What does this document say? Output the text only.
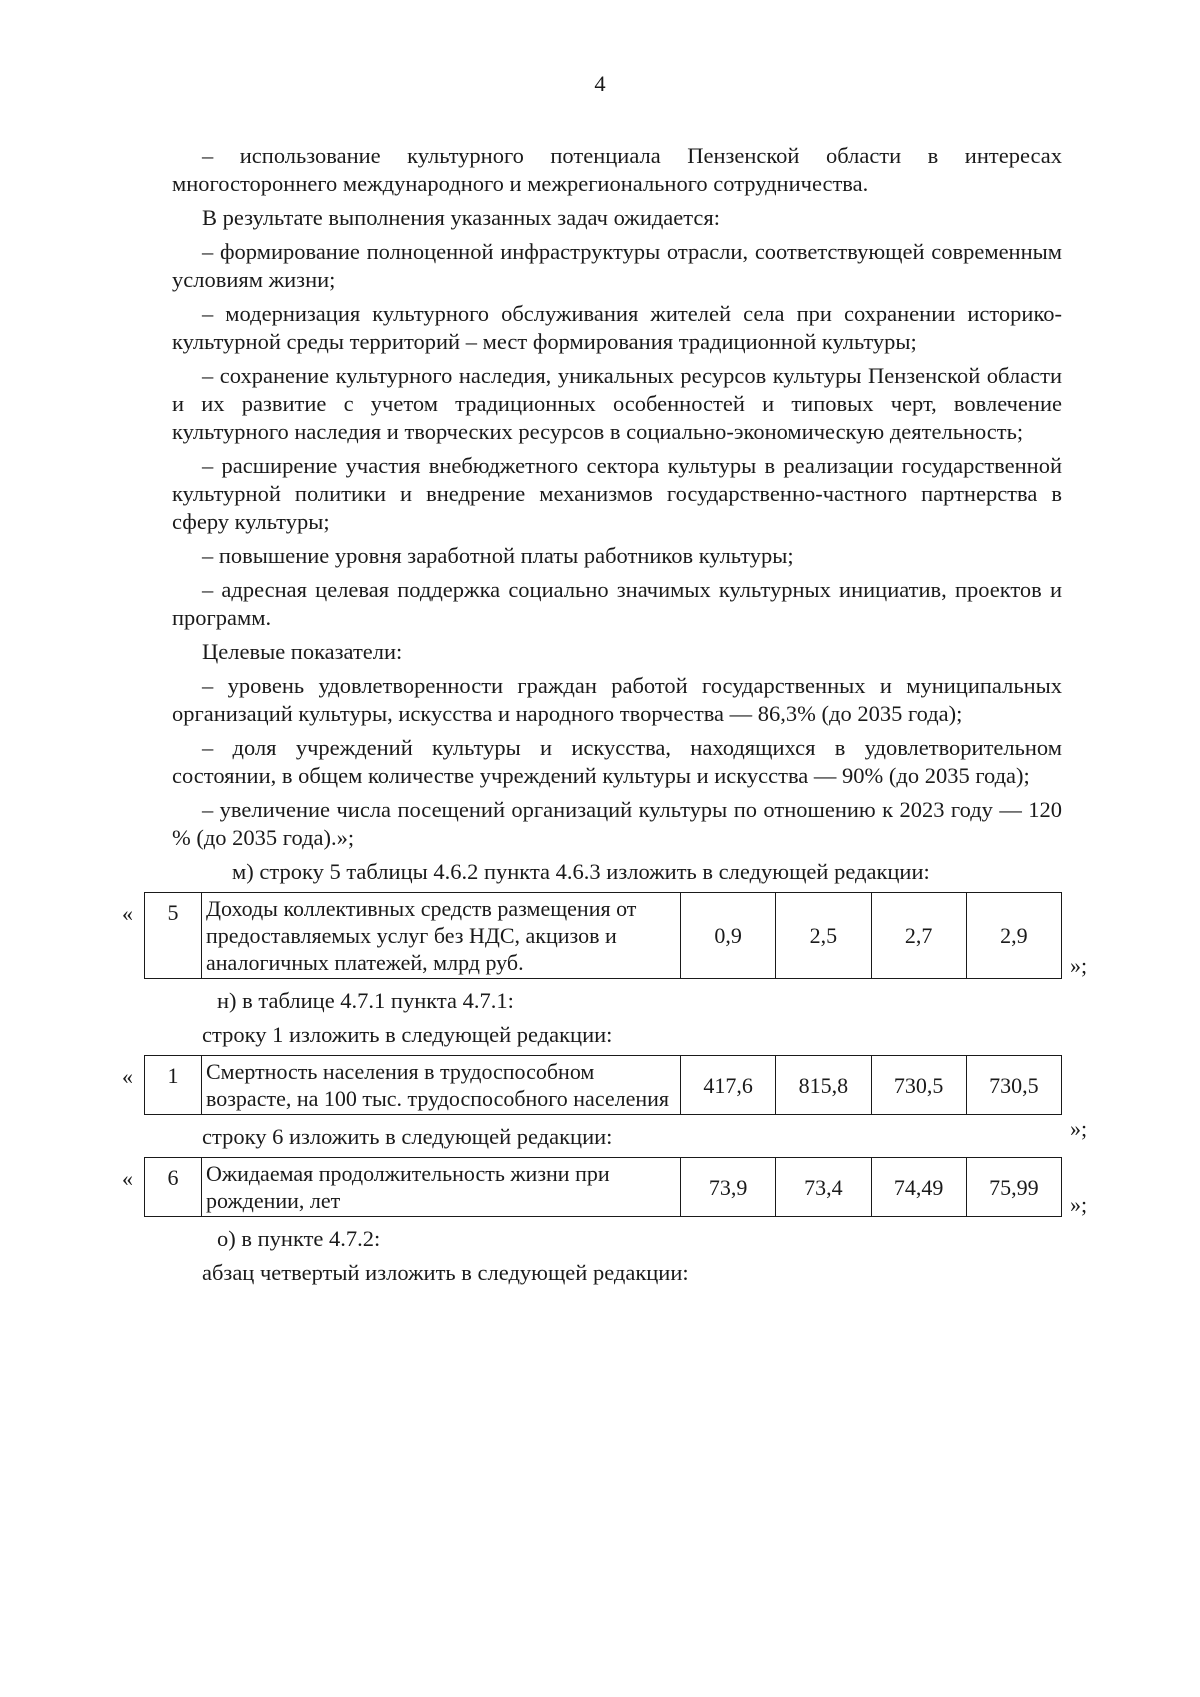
4

– использование культурного потенциала Пензенской области в интересах многостороннего международного и межрегионального сотрудничества.

В результате выполнения указанных задач ожидается:

– формирование полноценной инфраструктуры отрасли, соответствующей современным условиям жизни;

– модернизация культурного обслуживания жителей села при сохранении историко-культурной среды территорий – мест формирования традиционной культуры;

– сохранение культурного наследия, уникальных ресурсов культуры Пензенской области и их развитие с учетом традиционных особенностей и типовых черт, вовлечение культурного наследия и творческих ресурсов в социально-экономическую деятельность;

– расширение участия внебюджетного сектора культуры в реализации государственной культурной политики и внедрение механизмов государственно-частного партнерства в сферу культуры;

– повышение уровня заработной платы работников культуры;

– адресная целевая поддержка социально значимых культурных инициатив, проектов и программ.

Целевые показатели:

– уровень удовлетворенности граждан работой государственных и муниципальных организаций культуры, искусства и народного творчества — 86,3% (до 2035 года);

– доля учреждений культуры и искусства, находящихся в удовлетворительном состоянии, в общем количестве учреждений культуры и искусства — 90% (до 2035 года);

– увеличение числа посещений организаций культуры по отношению к 2023 году — 120 % (до 2035 года).»;

м) строку 5 таблицы 4.6.2 пункта 4.6.3 изложить в следующей редакции:

« 5	Доходы коллективных средств размещения от предоставляемых услуг без НДС, акцизов и аналогичных платежей, млрд руб.	0,9	2,5	2,7	2,9
»;

н) в таблице 4.7.1 пункта 4.7.1:

строку 1 изложить в следующей редакции:

« 1	Смертность населения в трудоспособном возрасте, на 100 тыс. трудоспособного населения	417,6	815,8	730,5	730,5
»;

строку 6 изложить в следующей редакции:

« 6	Ожидаемая продолжительность жизни при рождении, лет	73,9	73,4	74,49	75,99
»;

о) в пункте 4.7.2:

абзац четвертый изложить в следующей редакции:
